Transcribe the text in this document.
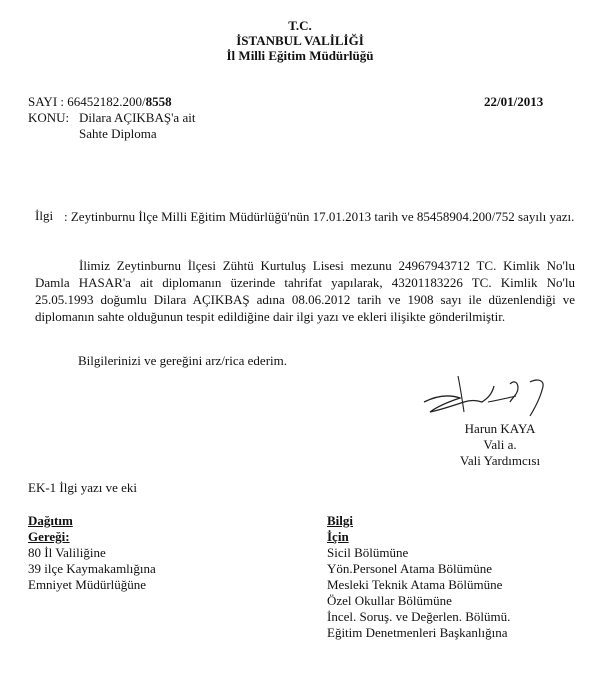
T.C.
İSTANBUL VALİLİĞİ
İl Milli Eğitim Müdürlüğü
SAYI : 66452182.200/8558	22/01/2013
KONU: Dilara AÇIKBAŞ'a ait
Sahte Diploma
İlgi : Zeytinburnu İlçe Milli Eğitim Müdürlüğü'nün 17.01.2013 tarih ve 85458904.200/752 sayılı yazı.
İlimiz Zeytinburnu İlçesi Zühtü Kurtuluş Lisesi mezunu 24967943712 TC. Kimlik No'lu Damla HASAR'a ait diplomanın üzerinde tahrifat yapılarak, 43201183226 TC. Kimlik No'lu 25.05.1993 doğumlu Dilara AÇIKBAŞ adına 08.06.2012 tarih ve 1908 sayı ile düzenlendiği ve diplomanın sahte olduğunun tespit edildiğine dair ilgi yazı ve ekleri ilişikte gönderilmiştir.
Bilgilerinizi ve gereğini arz/rica ederim.
Harun KAYA
Vali a.
Vali Yardımcısı
EK-1 İlgi yazı ve eki
Dağıtım
Gereği:
80 İl Valiliğine
39 ilçe Kaymakamlığına
Emniyet Müdürlüğüne
Bilgi
İçin
Sicil Bölümüne
Yön.Personel Atama Bölümüne
Mesleki Teknik Atama Bölümüne
Özel Okullar Bölümüne
İncel. Soruş. ve Değerlen. Bölümü.
Eğitim Denetmenleri Başkanlığına
